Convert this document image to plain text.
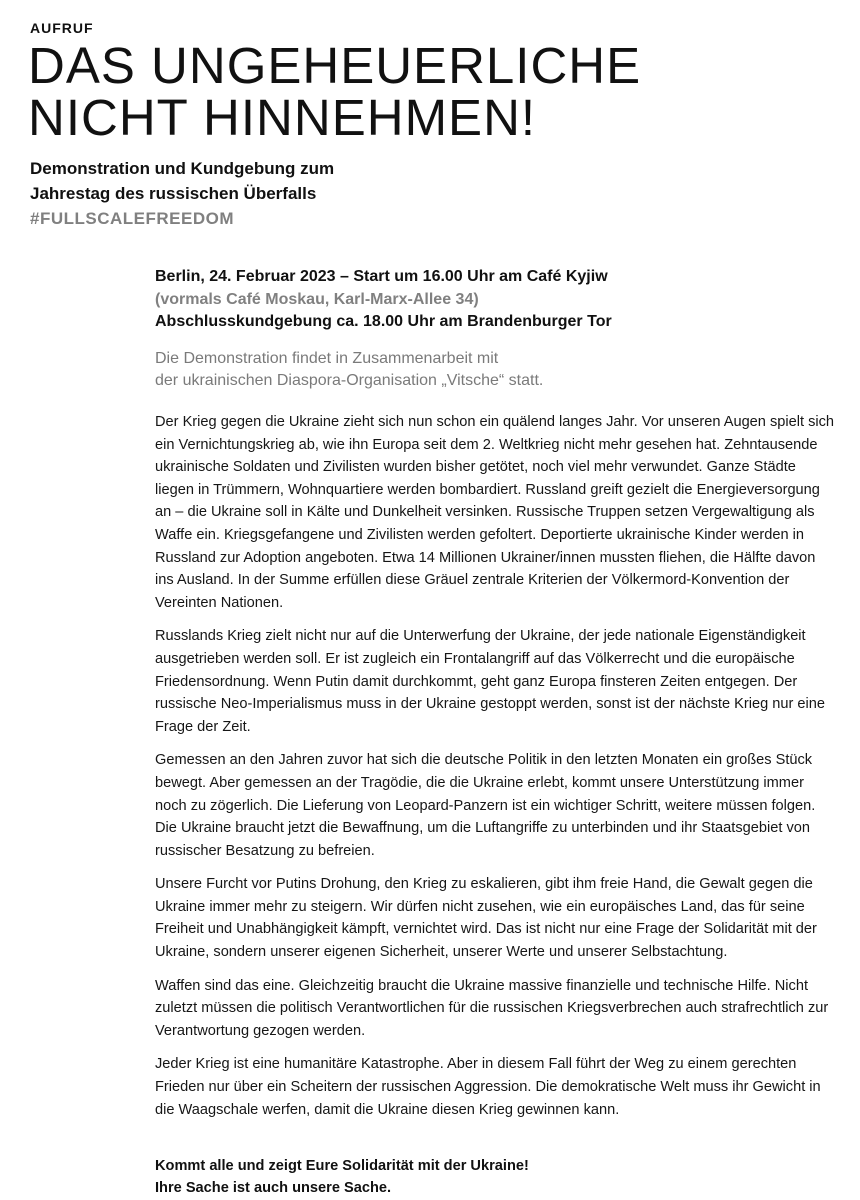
AUFRUF
DAS UNGEHEUERLICHE
NICHT HINNEHMEN!
Demonstration und Kundgebung zum
Jahrestag des russischen Überfalls
#FULLSCALEFREEDOM
Berlin, 24. Februar 2023 – Start um 16.00 Uhr am Café Kyjiw
(vormals Café Moskau, Karl-Marx-Allee 34)
Abschlusskundgebung ca. 18.00 Uhr am Brandenburger Tor
Die Demonstration findet in Zusammenarbeit mit
der ukrainischen Diaspora-Organisation „Vitsche“ statt.

Der Krieg gegen die Ukraine zieht sich nun schon ein quälend langes Jahr. Vor unseren Augen spielt sich ein Vernichtungskrieg ab, wie ihn Europa seit dem 2. Weltkrieg nicht mehr gesehen hat. Zehntausende ukrainische Soldaten und Zivilisten wurden bisher getötet, noch viel mehr verwundet. Ganze Städte liegen in Trümmern, Wohnquartiere werden bombardiert. Russland greift gezielt die Energieversorgung an – die Ukraine soll in Kälte und Dunkelheit versinken. Russische Truppen setzen Vergewaltigung als Waffe ein. Kriegsgefangene und Zivilisten werden gefoltert. Deportierte ukrainische Kinder werden in Russland zur Adoption angeboten. Etwa 14 Millionen Ukrainer/innen mussten fliehen, die Hälfte davon ins Ausland. In der Summe erfüllen diese Gräuel zentrale Kriterien der Völkermord-Konvention der Vereinten Nationen.

Russlands Krieg zielt nicht nur auf die Unterwerfung der Ukraine, der jede nationale Eigenständigkeit ausgetrieben werden soll. Er ist zugleich ein Frontalangriff auf das Völkerrecht und die europäische Friedensordnung. Wenn Putin damit durchkommt, geht ganz Europa finsteren Zeiten entgegen. Der russische Neo-Imperialismus muss in der Ukraine gestoppt werden, sonst ist der nächste Krieg nur eine Frage der Zeit.

Gemessen an den Jahren zuvor hat sich die deutsche Politik in den letzten Monaten ein großes Stück bewegt. Aber gemessen an der Tragödie, die die Ukraine erlebt, kommt unsere Unterstützung immer noch zu zögerlich. Die Lieferung von Leopard-Panzern ist ein wichtiger Schritt, weitere müssen folgen. Die Ukraine braucht jetzt die Bewaffnung, um die Luftangriffe zu unterbinden und ihr Staatsgebiet von russischer Besatzung zu befreien.

Unsere Furcht vor Putins Drohung, den Krieg zu eskalieren, gibt ihm freie Hand, die Gewalt gegen die Ukraine immer mehr zu steigern. Wir dürfen nicht zusehen, wie ein europäisches Land, das für seine Freiheit und Unabhängigkeit kämpft, vernichtet wird. Das ist nicht nur eine Frage der Solidarität mit der Ukraine, sondern unserer eigenen Sicherheit, unserer Werte und unserer Selbstachtung.

Waffen sind das eine. Gleichzeitig braucht die Ukraine massive finanzielle und technische Hilfe. Nicht zuletzt müssen die politisch Verantwortlichen für die russischen Kriegsverbrechen auch strafrechtlich zur Verantwortung gezogen werden.

Jeder Krieg ist eine humanitäre Katastrophe. Aber in diesem Fall führt der Weg zu einem gerechten Frieden nur über ein Scheitern der russischen Aggression. Die demokratische Welt muss ihr Gewicht in die Waagschale werfen, damit die Ukraine diesen Krieg gewinnen kann.

Kommt alle und zeigt Eure Solidarität mit der Ukraine!
Ihre Sache ist auch unsere Sache.
